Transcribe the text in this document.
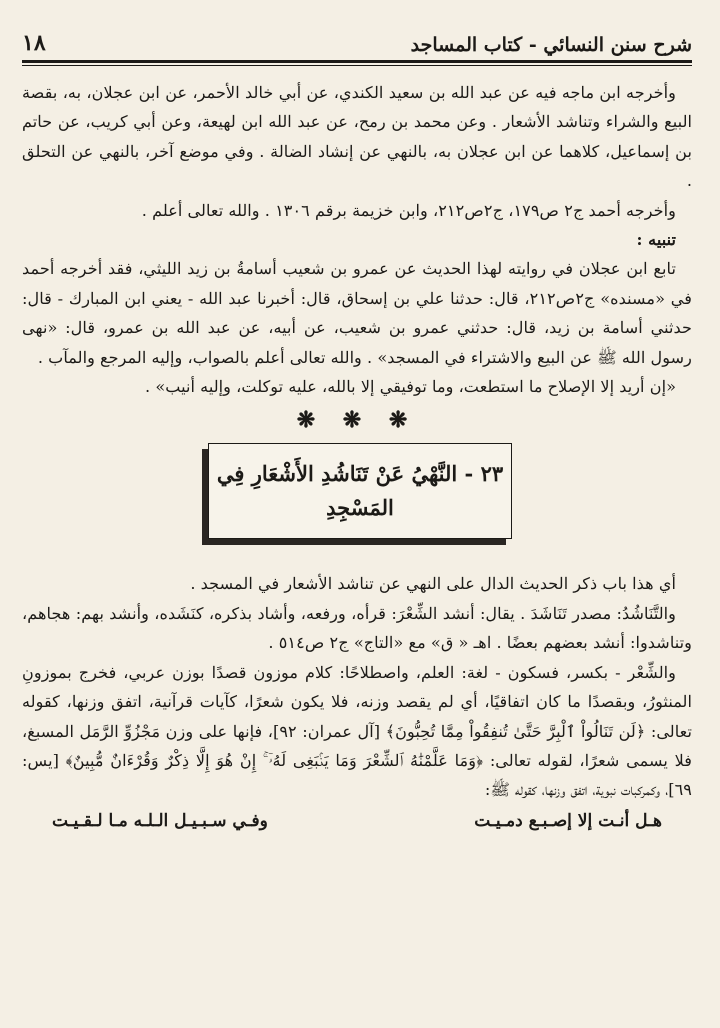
شرح سنن النسائي - كتاب المساجد
١٨

وأخرجه ابن ماجه فيه عن عبد الله بن سعيد الكندي، عن أبي خالد الأحمر، عن ابن عجلان، به، بقصة البيع والشراء وتناشد الأشعار . وعن محمد بن رمح، عن عبد الله ابن لهيعة، وعن أبي كريب، عن حاتم بن إسماعيل، كلاهما عن ابن عجلان به، بالنهي عن إنشاد الضالة . وفي موضع آخر، بالنهي عن التحلق .

وأخرجه أحمد ج٢ ص١٧٩، ج٢ص٢١٢، وابن خزيمة برقم ١٣٠٦ . والله تعالى أعلم .

تنبيه :

تابع ابن عجلان في روايته لهذا الحديث عن عمرو بن شعيب أسامةُ بن زيد الليثي، فقد أخرجه أحمد في «مسنده» ج٢ص٢١٢، قال: حدثنا علي بن إسحاق، قال: أخبرنا عبد الله - يعني ابن المبارك - قال: حدثني أسامة بن زيد، قال: حدثني عمرو بن شعيب، عن أبيه، عن عبد الله بن عمرو، قال: «نهى رسول الله ﷺ عن البيع والاشتراء في المسجد» . والله تعالى أعلم بالصواب، وإليه المرجع والمآب .

«إن أريد إلا الإصلاح ما استطعت، وما توفيقي إلا بالله، عليه توكلت، وإليه أنيب» .

❋ ❋ ❋
٢٣ - النَّهْيُ عَنْ تَنَاشُدِ الأَشْعَارِ فِي
المَسْجِدِ

أي هذا باب ذكر الحديث الدال على النهي عن تناشد الأشعار في المسجد .

والتَّنَاشُدُ: مصدر تَنَاشَدَ . يقال: أنشد الشِّعْرَ: قرأه، ورفعه، وأشاد بذكره، كنَشَده، وأنشد بهم: هجاهم، وتناشدوا: أنشد بعضهم بعضًا . اهـ « ق» مع «التاج» ج٢ ص٥١٤ .

والشِّعْر - بكسر، فسكون - لغة: العلم، واصطلاحًا: كلام موزون قصدًا بوزن عربي، فخرج بموزونِ المنثورُ، وبقصدًا ما كان اتفاقيًا، أي لم يقصد وزنه، فلا يكون شعرًا، كآيات قرآنية، اتفق وزنها، كقوله تعالى: ﴿لَن تَنَالُواْ ٱلْبِرَّ حَتَّىٰ تُنفِقُواْ مِمَّا تُحِبُّونَ﴾ [آل عمران: ٩٢]، فإنها على وزن مَجْزُوِّ الرَّمَل المسبغ، فلا يسمى شعرًا، لقوله تعالى: ﴿وَمَا عَلَّمْنَٰهُ ٱلشِّعْرَ وَمَا يَنۢبَغِى لَهُۥٓ ۚ إِنْ هُوَ إِلَّا ذِكْرٌ وَقُرْءَانٌ مُّبِينٌ﴾ [يس: ٦٩]، وكمركبات نبوية، اتفق وزنها، كقوله ﷺ:

هـل أنـت إلا إصـبـع دمـيـت
وفـي سـبـيـل الـلـه مـا لـقـيـت
